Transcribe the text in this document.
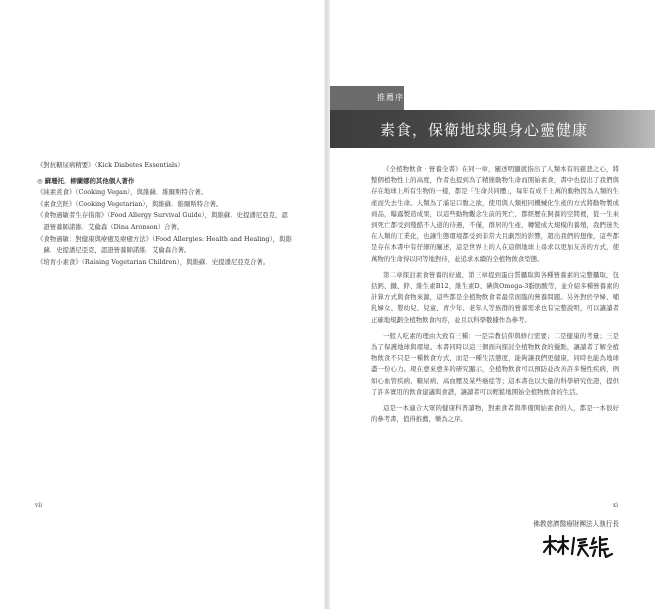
《對抗糖尿病精要》（Kick Diabetes Essentials）
◎ 蘇珊托．柳蘭娜的其他個人著作
《純素煮食》（Cooking Vegan），與維蘇．維爾斯特合著。
《素食烹飪》（Cooking Vegetarian），與維蘇．維爾斯特合著。
《食物過敏者生存指南》（Food Allergy Survival Guide），與維蘇．史提潘尼亞克，認
　證營養師諾維．艾倫森（Dina Aronson）合著。
《食物過敏：對健康與療癒及療癒方法》（Food Allergies: Health and Healing），與維
　蘇．史提潘尼亞克，認證營養師諾維．艾倫森合著。
《培育小素食》（Raising Vegetarian Children），與維蘇．史提潘尼亞克合著。
vii
推薦序
素食，保衛地球與身心靈健康

《全植物飲食‧營養全書》在同一章，闡述明顯就指出了人類本有的慈悲之心，將整個植物性上的高度，作者也提到為了精簡動物生命而開始素食，書中也提出了我們與存在地球上所有生物的一樣，都是「生命共同體」，每年有成千上萬的動物因為人類的生產而失去生命。人類為了滿足口腹之欲，使用與人類相同機械化生產的方式將動物製成商品，曝露製造成果，以這些動物觀念生前的死亡，都經歷在飼養的空間裡，從一生來到死亡都受到殘酷不人道的待遇，不僅，群居的生產，轉變成大規模的養殖，我們迷失在人類的工業化，也讓生態環境都受到非常大且劇烈的影響，超出我們的想像，這些都是存在本書中有仔細的闡述，這是世界上的人在這個地球上尋求以更加友善的方式，使萬物的生命得以同等地對待，並追求永續的全植物飲食型態。

第二章探討素食營養的好處，第三章提到蛋白質攝取與各種營養素的完整攝取，包括鈣、鐵、鋅、維生素B12、維生素D、碘與Omega-3脂肪酸等，並介紹多種營養素的計算方式與食物來源，這些都是全植物飲食者最常面臨的營養問題。另外對於孕婦、哺乳婦女、嬰幼兒、兒童、青少年、老年人等族群的營養需求也有完整說明，可以讓讀者正確地規劃全植物飲食內容，並且以科學數據作為參考。

一般人吃素的理由大致有三種：一是宗教信仰與修行需要；二是健康的考量；三是為了保護地球與環境。本書同時以這三個面向探討全植物飲食的優點，讓讀者了解全植物飲食不只是一種飲食方式，而是一種生活態度，能夠讓我們更健康，同時也能為地球盡一份心力。現在愈來愈多的研究顯示，全植物飲食可以預防並改善許多慢性疾病，例如心血管疾病、糖尿病、高血壓及某些癌症等；這本書也以大量的科學研究佐證，提供了許多實用的飲食建議與食譜，讓讀者可以輕鬆地開始全植物飲食的生活。

這是一本適合大眾的健康科普讀物，對素食者與準備開始素食的人，都是一本很好的參考書，值得推薦，樂為之序。

佛教慈濟醫療財團法人執行長
xi
